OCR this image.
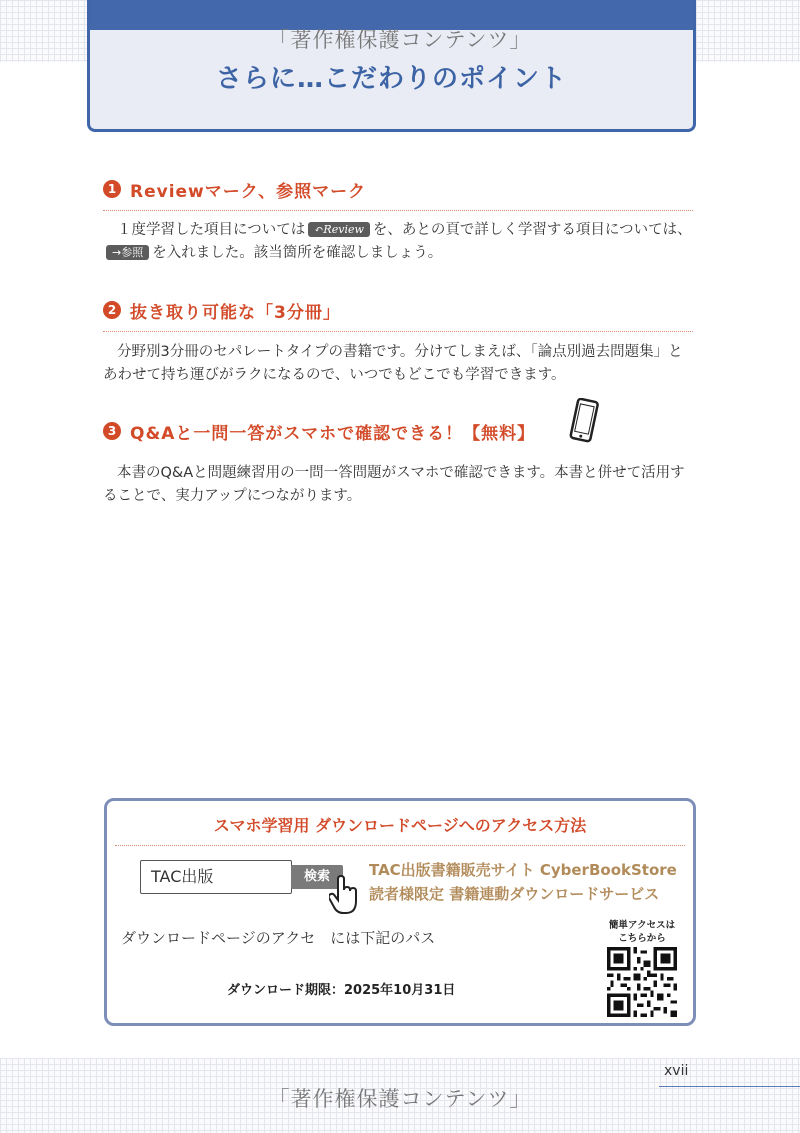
さらに…こだわりのポイント
「著作権保護コンテンツ」
1 Reviewマーク、参照マーク
１度学習した項目については ↶Review を、あとの頁で詳しく学習する項目については、→参照 を入れました。該当箇所を確認しましょう。
2 抜き取り可能な「3分冊」
分野別3分冊のセパレートタイプの書籍です。分けてしまえば、「論点別過去問題集」とあわせて持ち運びがラクになるので、いつでもどこでも学習できます。
3 Q&Aと一問一答がスマホで確認できる！【無料】
本書のQ&Aと問題練習用の一問一答問題がスマホで確認できます。本書と併せて活用することで、実力アップにつながります。
スマホ学習用 ダウンロードページへのアクセス方法
TAC出版	検索	TAC出版書籍販売サイト CyberBookStore
読者様限定 書籍連動ダウンロードサービス
ダウンロードページのアクセ　には下記のパス
ダウンロード期限：2025年10月31日
簡単アクセスは
こちらから
xvii
「著作権保護コンテンツ」
